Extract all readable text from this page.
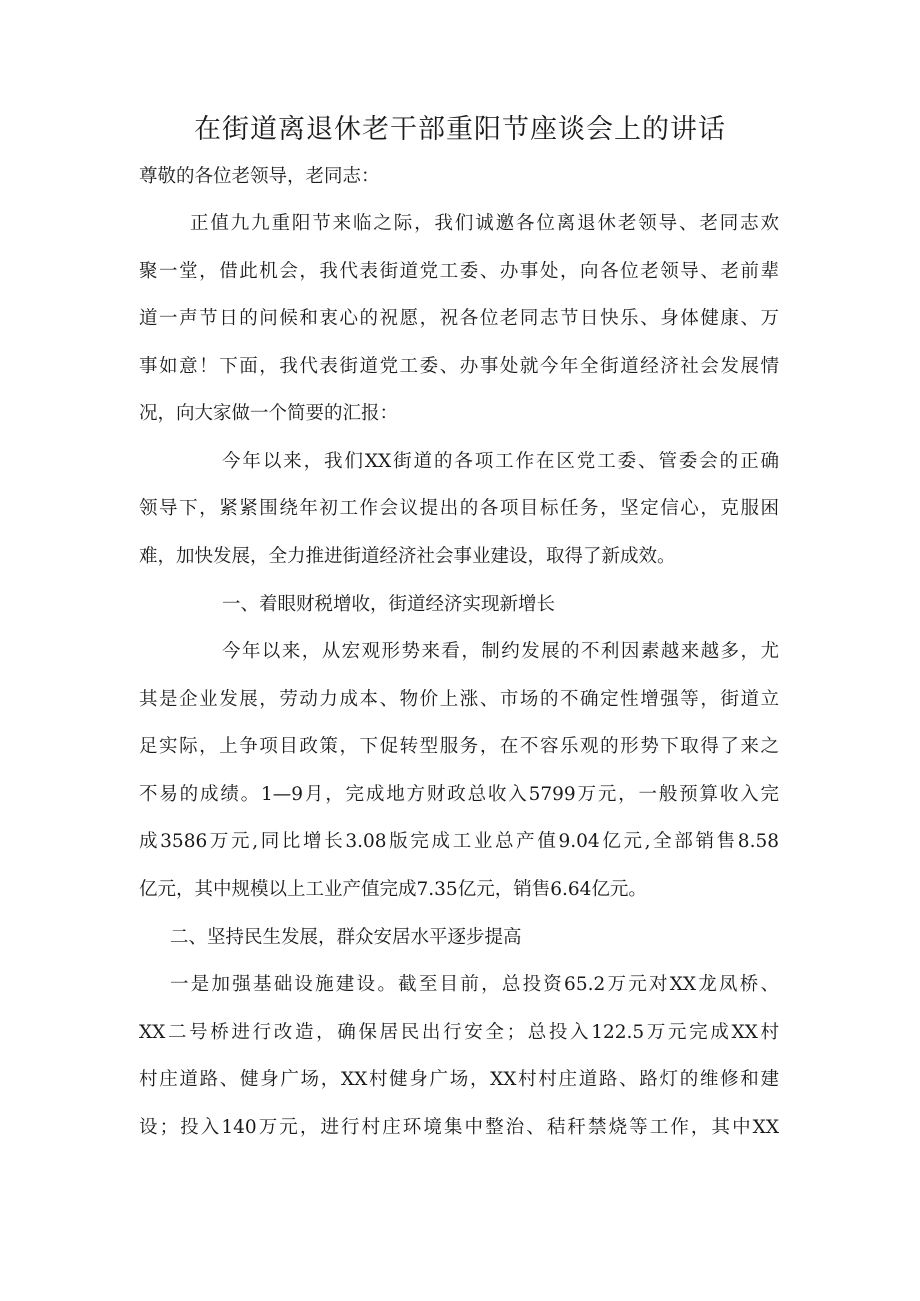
在街道离退休老干部重阳节座谈会上的讲话
尊敬的各位老领导，老同志：
正值九九重阳节来临之际，我们诚邀各位离退休老领导、老同志欢
聚一堂，借此机会，我代表街道党工委、办事处，向各位老领导、老前辈
道一声节日的问候和衷心的祝愿，祝各位老同志节日快乐、身体健康、万
事如意！下面，我代表街道党工委、办事处就今年全街道经济社会发展情
况，向大家做一个简要的汇报：
今年以来，我们XX街道的各项工作在区党工委、管委会的正确
领导下，紧紧围绕年初工作会议提出的各项目标任务，坚定信心，克服困
难，加快发展，全力推进街道经济社会事业建设，取得了新成效。
一、着眼财税增收，街道经济实现新增长
今年以来，从宏观形势来看，制约发展的不利因素越来越多，尤
其是企业发展，劳动力成本、物价上涨、市场的不确定性增强等，街道立
足实际，上争项目政策，下促转型服务，在不容乐观的形势下取得了来之
不易的成绩。1—9月，完成地方财政总收入5799万元，一般预算收入完
成3586万元,同比增长3.08版完成工业总产值9.04亿元,全部销售8.58
亿元，其中规模以上工业产值完成7.35亿元，销售6.64亿元。
二、坚持民生发展，群众安居水平逐步提高
一是加强基础设施建设。截至目前，总投资65.2万元对XX龙凤桥、
XX二号桥进行改造，确保居民出行安全；总投入122.5万元完成XX村
村庄道路、健身广场，XX村健身广场，XX村村庄道路、路灯的维修和建
设；投入140万元，进行村庄环境集中整治、秸秆禁烧等工作，其中XX
